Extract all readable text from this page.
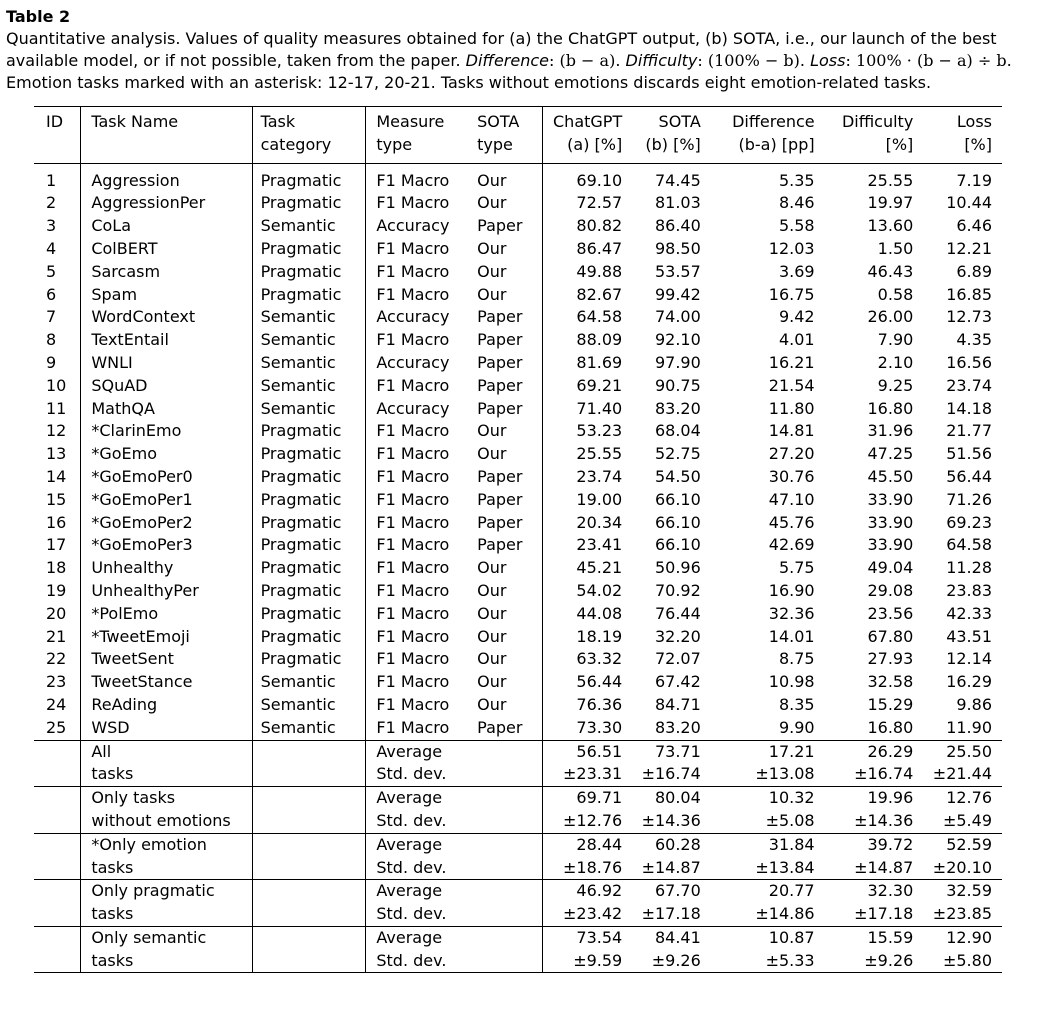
Table 2

Quantitative analysis. Values of quality measures obtained for (a) the ChatGPT output, (b) SOTA, i.e., our launch of the best available model, or if not possible, taken from the paper. Difference: (b − a). Difficulty: (100% − b). Loss: 100% · (b − a) ÷ b. Emotion tasks marked with an asterisk: 12-17, 20-21. Tasks without emotions discards eight emotion-related tasks.

ID	Task Name	Task	Measure	SOTA	ChatGPT	SOTA	Difference	Difficulty	Loss
		category	type	type	(a) [%]	(b) [%]	(b-a) [pp]	[%]	[%]
1	Aggression	Pragmatic	F1 Macro	Our	69.10	74.45	5.35	25.55	7.19
2	AggressionPer	Pragmatic	F1 Macro	Our	72.57	81.03	8.46	19.97	10.44
3	CoLa	Semantic	Accuracy	Paper	80.82	86.40	5.58	13.60	6.46
4	ColBERT	Pragmatic	F1 Macro	Our	86.47	98.50	12.03	1.50	12.21
5	Sarcasm	Pragmatic	F1 Macro	Our	49.88	53.57	3.69	46.43	6.89
6	Spam	Pragmatic	F1 Macro	Our	82.67	99.42	16.75	0.58	16.85
7	WordContext	Semantic	Accuracy	Paper	64.58	74.00	9.42	26.00	12.73
8	TextEntail	Semantic	F1 Macro	Paper	88.09	92.10	4.01	7.90	4.35
9	WNLI	Semantic	Accuracy	Paper	81.69	97.90	16.21	2.10	16.56
10	SQuAD	Semantic	F1 Macro	Paper	69.21	90.75	21.54	9.25	23.74
11	MathQA	Semantic	Accuracy	Paper	71.40	83.20	11.80	16.80	14.18
12	*ClarinEmo	Pragmatic	F1 Macro	Our	53.23	68.04	14.81	31.96	21.77
13	*GoEmo	Pragmatic	F1 Macro	Our	25.55	52.75	27.20	47.25	51.56
14	*GoEmoPer0	Pragmatic	F1 Macro	Paper	23.74	54.50	30.76	45.50	56.44
15	*GoEmoPer1	Pragmatic	F1 Macro	Paper	19.00	66.10	47.10	33.90	71.26
16	*GoEmoPer2	Pragmatic	F1 Macro	Paper	20.34	66.10	45.76	33.90	69.23
17	*GoEmoPer3	Pragmatic	F1 Macro	Paper	23.41	66.10	42.69	33.90	64.58
18	Unhealthy	Pragmatic	F1 Macro	Our	45.21	50.96	5.75	49.04	11.28
19	UnhealthyPer	Pragmatic	F1 Macro	Our	54.02	70.92	16.90	29.08	23.83
20	*PolEmo	Pragmatic	F1 Macro	Our	44.08	76.44	32.36	23.56	42.33
21	*TweetEmoji	Pragmatic	F1 Macro	Our	18.19	32.20	14.01	67.80	43.51
22	TweetSent	Pragmatic	F1 Macro	Our	63.32	72.07	8.75	27.93	12.14
23	TweetStance	Semantic	F1 Macro	Our	56.44	67.42	10.98	32.58	16.29
24	ReAding	Semantic	F1 Macro	Our	76.36	84.71	8.35	15.29	9.86
25	WSD	Semantic	F1 Macro	Paper	73.30	83.20	9.90	16.80	11.90
	All		Average		56.51	73.71	17.21	26.29	25.50
	tasks		Std. dev.		±23.31	±16.74	±13.08	±16.74	±21.44
	Only tasks		Average		69.71	80.04	10.32	19.96	12.76
	without emotions		Std. dev.		±12.76	±14.36	±5.08	±14.36	±5.49
	*Only emotion		Average		28.44	60.28	31.84	39.72	52.59
	tasks		Std. dev.		±18.76	±14.87	±13.84	±14.87	±20.10
	Only pragmatic		Average		46.92	67.70	20.77	32.30	32.59
	tasks		Std. dev.		±23.42	±17.18	±14.86	±17.18	±23.85
	Only semantic		Average		73.54	84.41	10.87	15.59	12.90
	tasks		Std. dev.		±9.59	±9.26	±5.33	±9.26	±5.80
